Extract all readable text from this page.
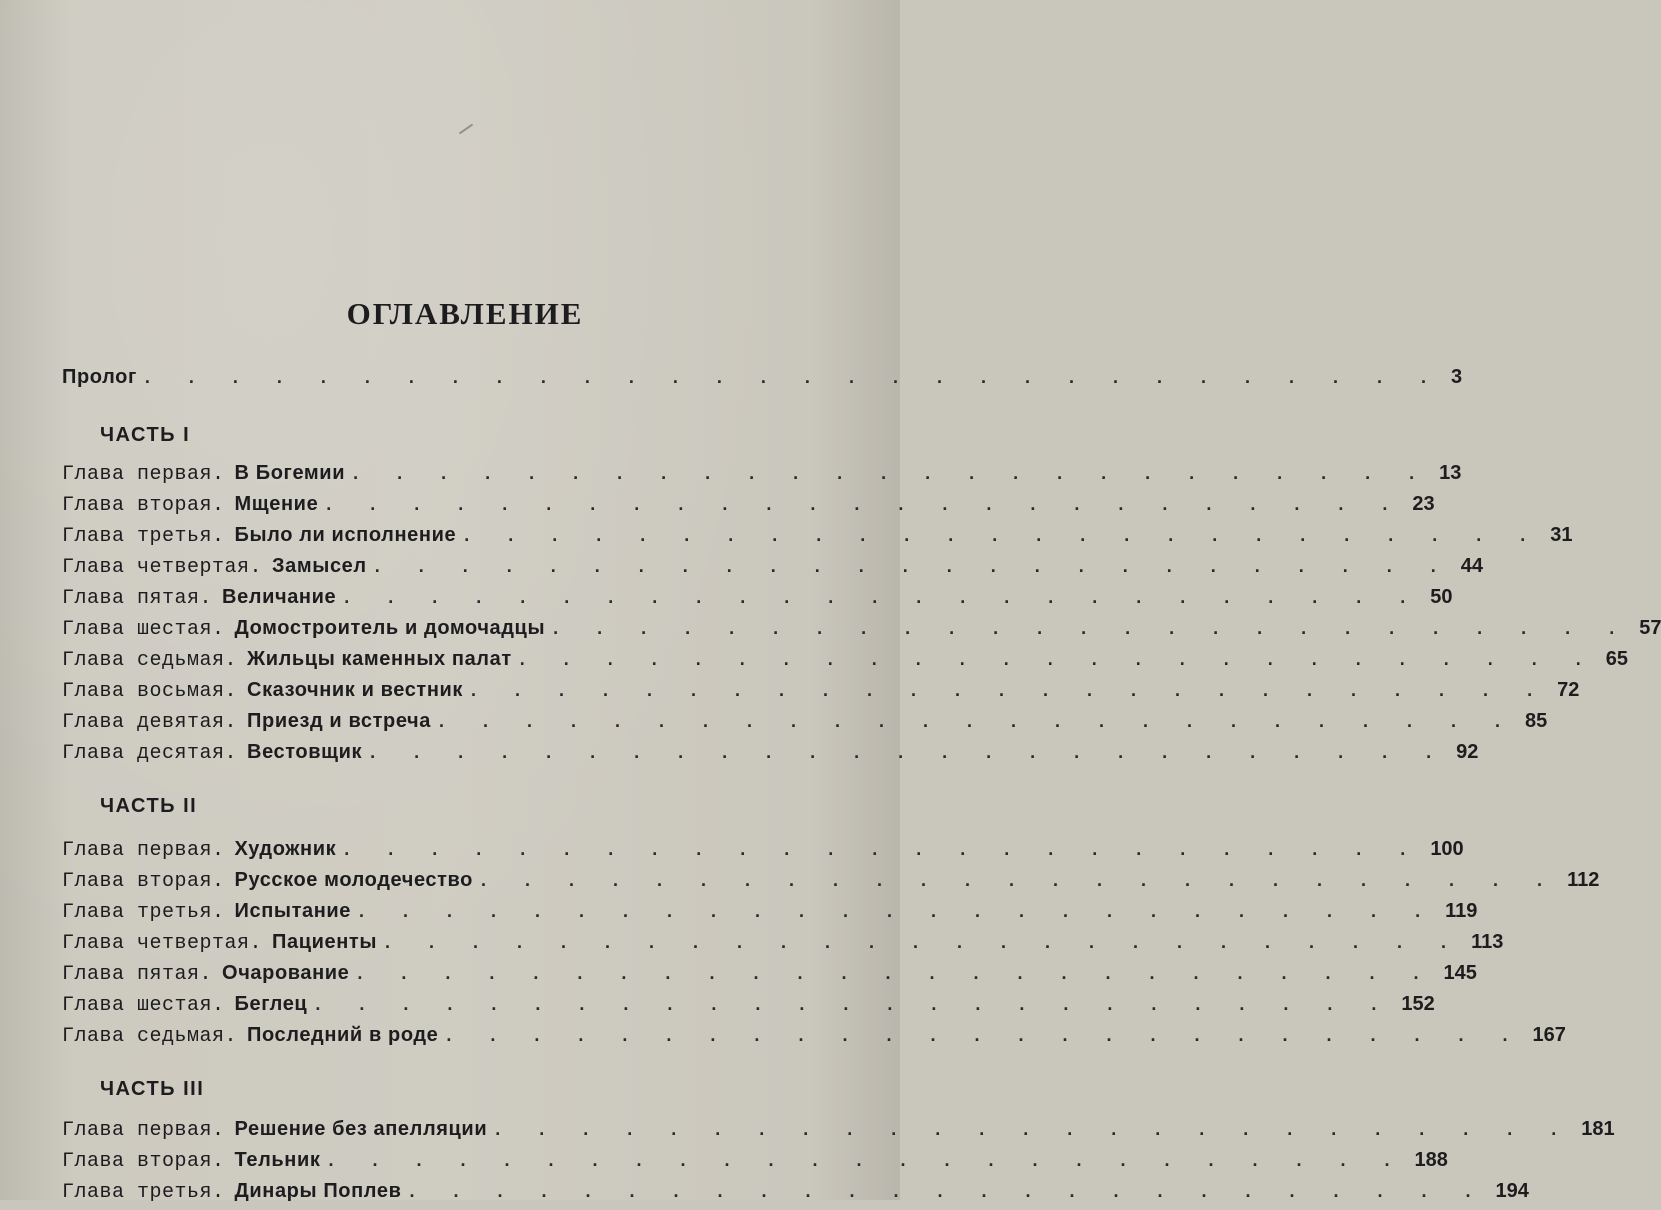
ОГЛАВЛЕНИЕ
Пролог . . . . . . . . . . . . . . . . . . . . . . . . . . . . . . 3
ЧАСТЬ I
Глава первая. В Богемии . . . . . . . . . . . . . . . . . . . . . . . . . 13
Глава вторая. Мщение . . . . . . . . . . . . . . . . . . . . . . . . . 23
Глава третья. Было ли исполнение . . . . . . . . . . . . . . . . . . . . . . . . . 31
Глава четвертая. Замысел . . . . . . . . . . . . . . . . . . . . . . . . . 44
Глава пятая. Величание . . . . . . . . . . . . . . . . . . . . . . . . . 50
Глава шестая. Домостроитель и домочадцы . . . . . . . . . . . . . . . . . . . . . . . . . 57
Глава седьмая. Жильцы каменных палат . . . . . . . . . . . . . . . . . . . . . . . . . 65
Глава восьмая. Сказочник и вестник . . . . . . . . . . . . . . . . . . . . . . . . . 72
Глава девятая. Приезд и встреча . . . . . . . . . . . . . . . . . . . . . . . . . 85
Глава десятая. Вестовщик . . . . . . . . . . . . . . . . . . . . . . . . . 92
ЧАСТЬ II
Глава первая. Художник . . . . . . . . . . . . . . . . . . . . . . . . . 100
Глава вторая. Русское молодечество . . . . . . . . . . . . . . . . . . . . . . . . . 112
Глава третья. Испытание . . . . . . . . . . . . . . . . . . . . . . . . . 119
Глава четвертая. Пациенты . . . . . . . . . . . . . . . . . . . . . . . . . 113
Глава пятая. Очарование . . . . . . . . . . . . . . . . . . . . . . . . . 145
Глава шестая. Беглец . . . . . . . . . . . . . . . . . . . . . . . . . 152
Глава седьмая. Последний в роде . . . . . . . . . . . . . . . . . . . . . . . . . 167
ЧАСТЬ III
Глава первая. Решение без апелляции . . . . . . . . . . . . . . . . . . . . . . . . . 181
Глава вторая. Тельник . . . . . . . . . . . . . . . . . . . . . . . . . 188
Глава третья. Динары Поплев . . . . . . . . . . . . . . . . . . . . . . . . . 194
